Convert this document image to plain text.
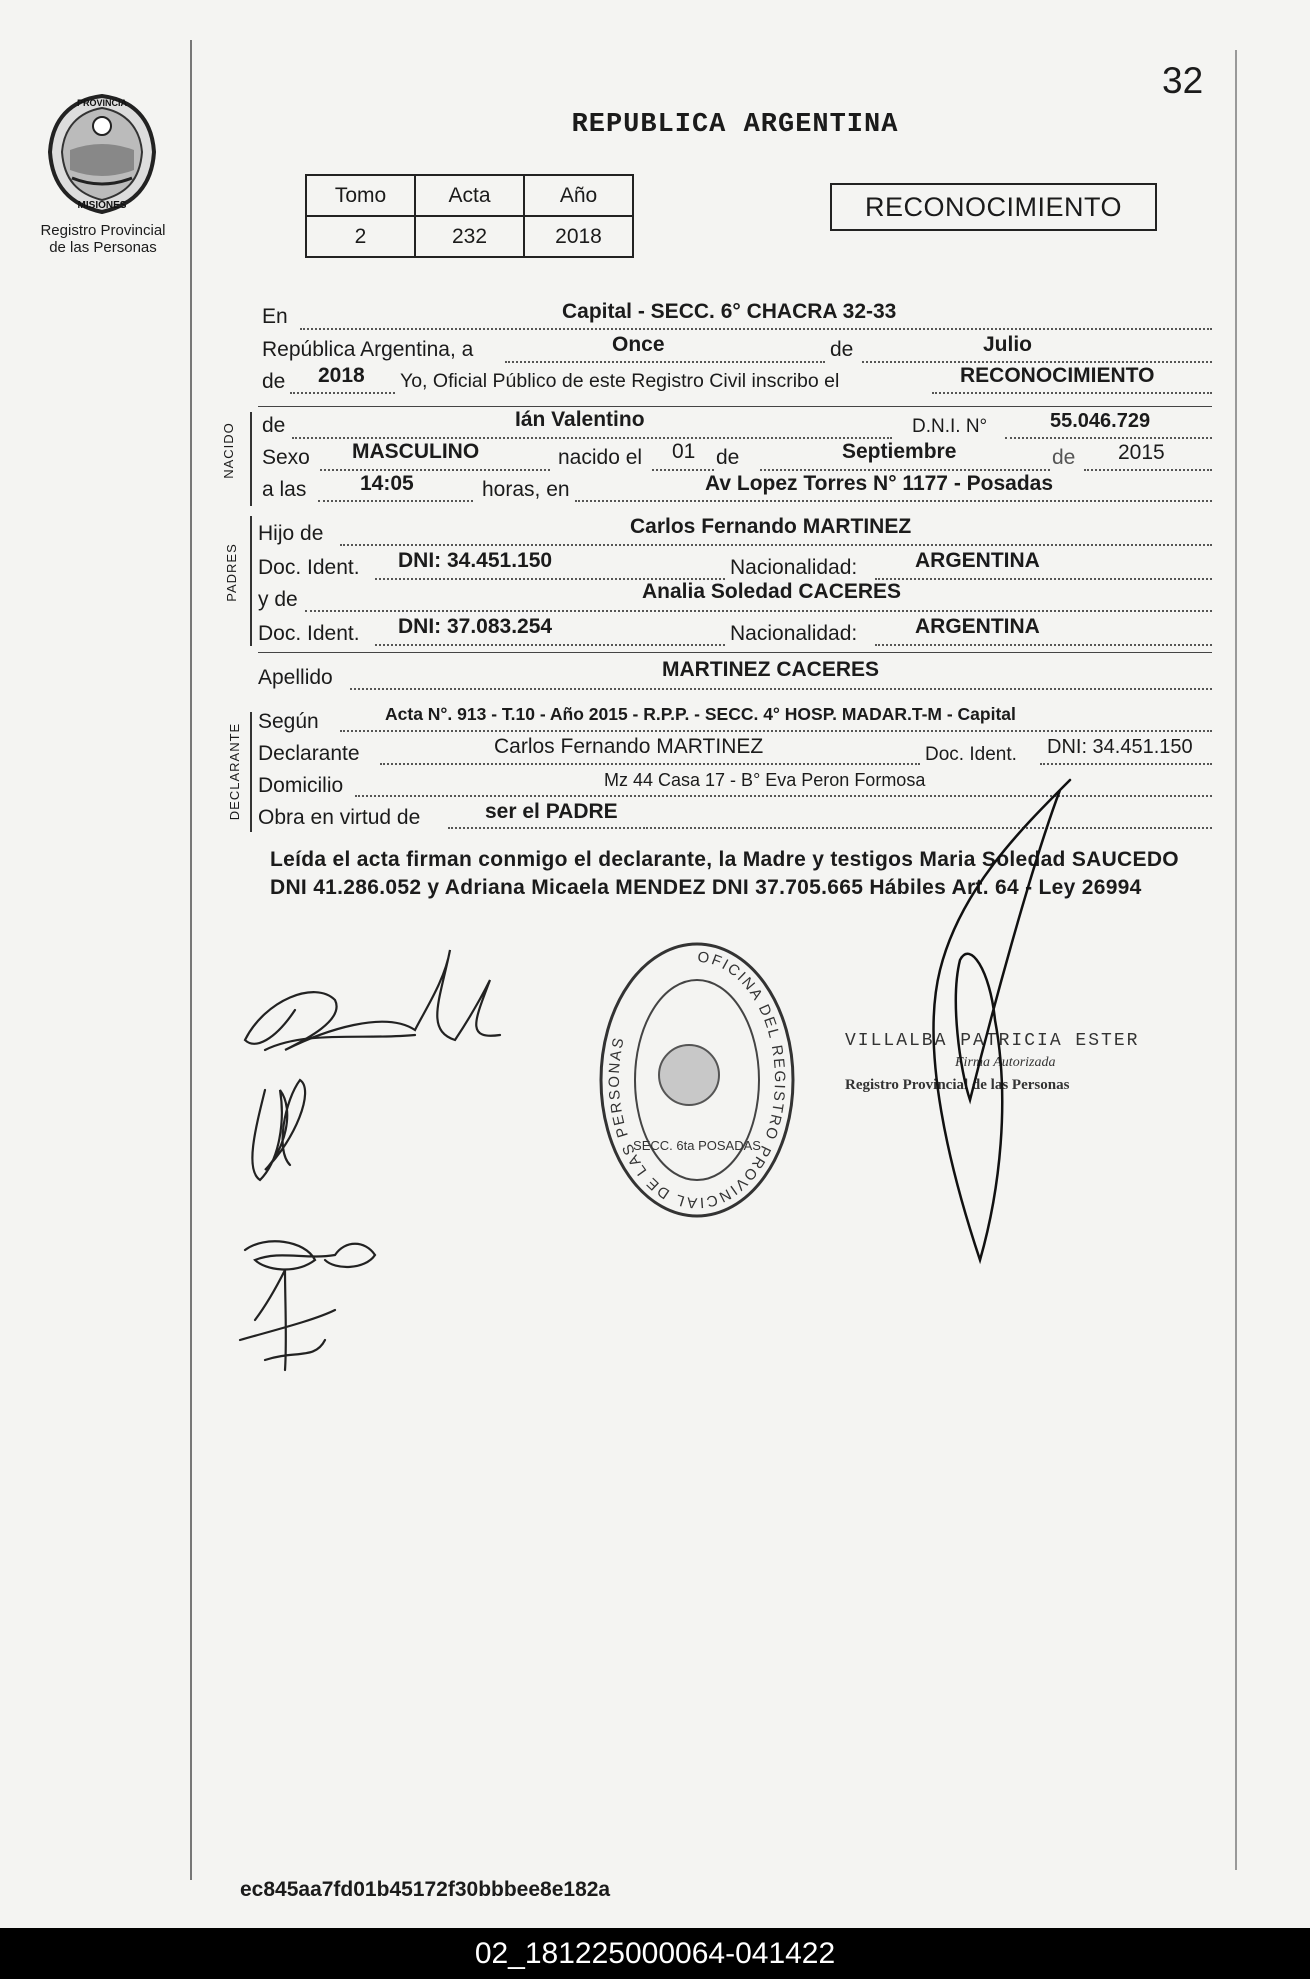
32
PROVINCIA
MISIONES
Registro Provincial
de las Personas
REPUBLICA ARGENTINA
Tomo	Acta	Año
2	232	2018
RECONOCIMIENTO
En	Capital - SECC. 6° CHACRA 32-33
República Argentina, a	Once	de	Julio
de 2018 Yo, Oficial Público de este Registro Civil inscribo el	RECONOCIMIENTO
NACIDO de	Ián Valentino	D.N.I. N°	55.046.729
Sexo MASCULINO	nacido el 01 de	Septiembre	de 2015
a las	14:05	horas, en	Av Lopez Torres N° 1177 - Posadas
PADRES
Hijo de	Carlos Fernando MARTINEZ
Doc. Ident. DNI: 34.451.150	Nacionalidad:	ARGENTINA
y de	Analia Soledad CACERES
Doc. Ident. DNI: 37.083.254	Nacionalidad:	ARGENTINA
Apellido	MARTINEZ CACERES
DECLARANTE
Según	Acta N°. 913 - T.10 - Año 2015 - R.P.P. - SECC. 4° HOSP. MADAR.T-M - Capital
Declarante	Carlos Fernando MARTINEZ	Doc. Ident. DNI: 34.451.150
Domicilio	Mz 44 Casa 17 - B° Eva Peron Formosa
Obra en virtud de	ser el PADRE
Leída el acta firman conmigo el declarante, la Madre y testigos Maria Soledad SAUCEDO DNI 41.286.052 y Adriana Micaela MENDEZ DNI 37.705.665 Hábiles Art. 64 - Ley 26994
OFICINA DEL REGISTRO PROVINCIAL DE LAS PERSONAS
SECC. 6ta POSADAS
VILLALBA PATRICIA ESTER
Firma Autorizada
Registro Provincial de las Personas
ec845aa7fd01b45172f30bbbee8e182a
02_181225000064-041422
